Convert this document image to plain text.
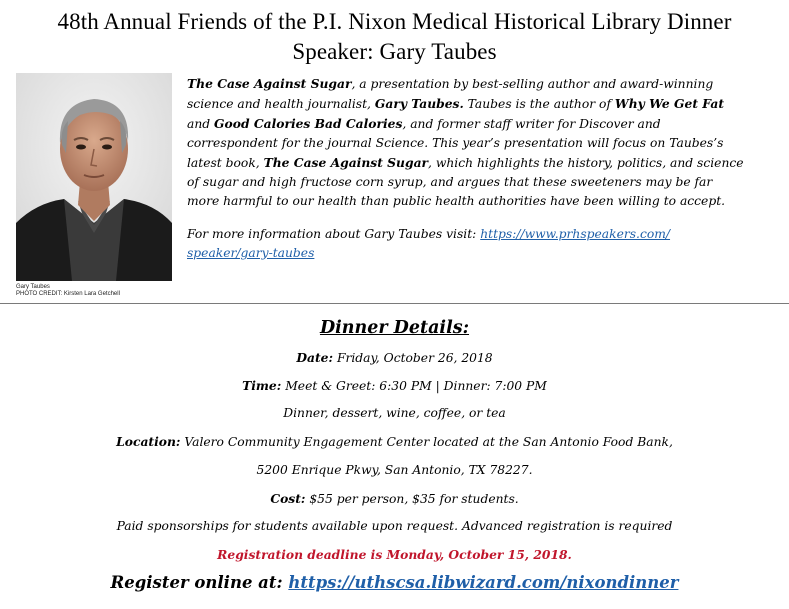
48th Annual Friends of the P.I. Nixon Medical Historical Library Dinner
Speaker: Gary Taubes
Gary Taubes
PHOTO CREDIT: Kirsten Lara Getchell
The Case Against Sugar, a presentation by best-selling author and award-winning
science and health journalist, Gary Taubes. Taubes is the author of Why We Get Fat
and Good Calories Bad Calories, and former staff writer for Discover and
correspondent for the journal Science. This year’s presentation will focus on Taubes’s
latest book, The Case Against Sugar, which highlights the history, politics, and science
of sugar and high fructose corn syrup, and argues that these sweeteners may be far
more harmful to our health than public health authorities have been willing to accept.
For more information about Gary Taubes visit: https://www.prhspeakers.com/
speaker/gary-taubes
Dinner Details:
Date: Friday, October 26, 2018
Time: Meet & Greet: 6:30 PM | Dinner: 7:00 PM
Dinner, dessert, wine, coffee, or tea
Location: Valero Community Engagement Center located at the San Antonio Food Bank,
5200 Enrique Pkwy, San Antonio, TX 78227.
Cost: $55 per person, $35 for students.
Paid sponsorships for students available upon request. Advanced registration is required
Registration deadline is Monday, October 15, 2018.
Register online at: https://uthscsa.libwizard.com/nixondinner
